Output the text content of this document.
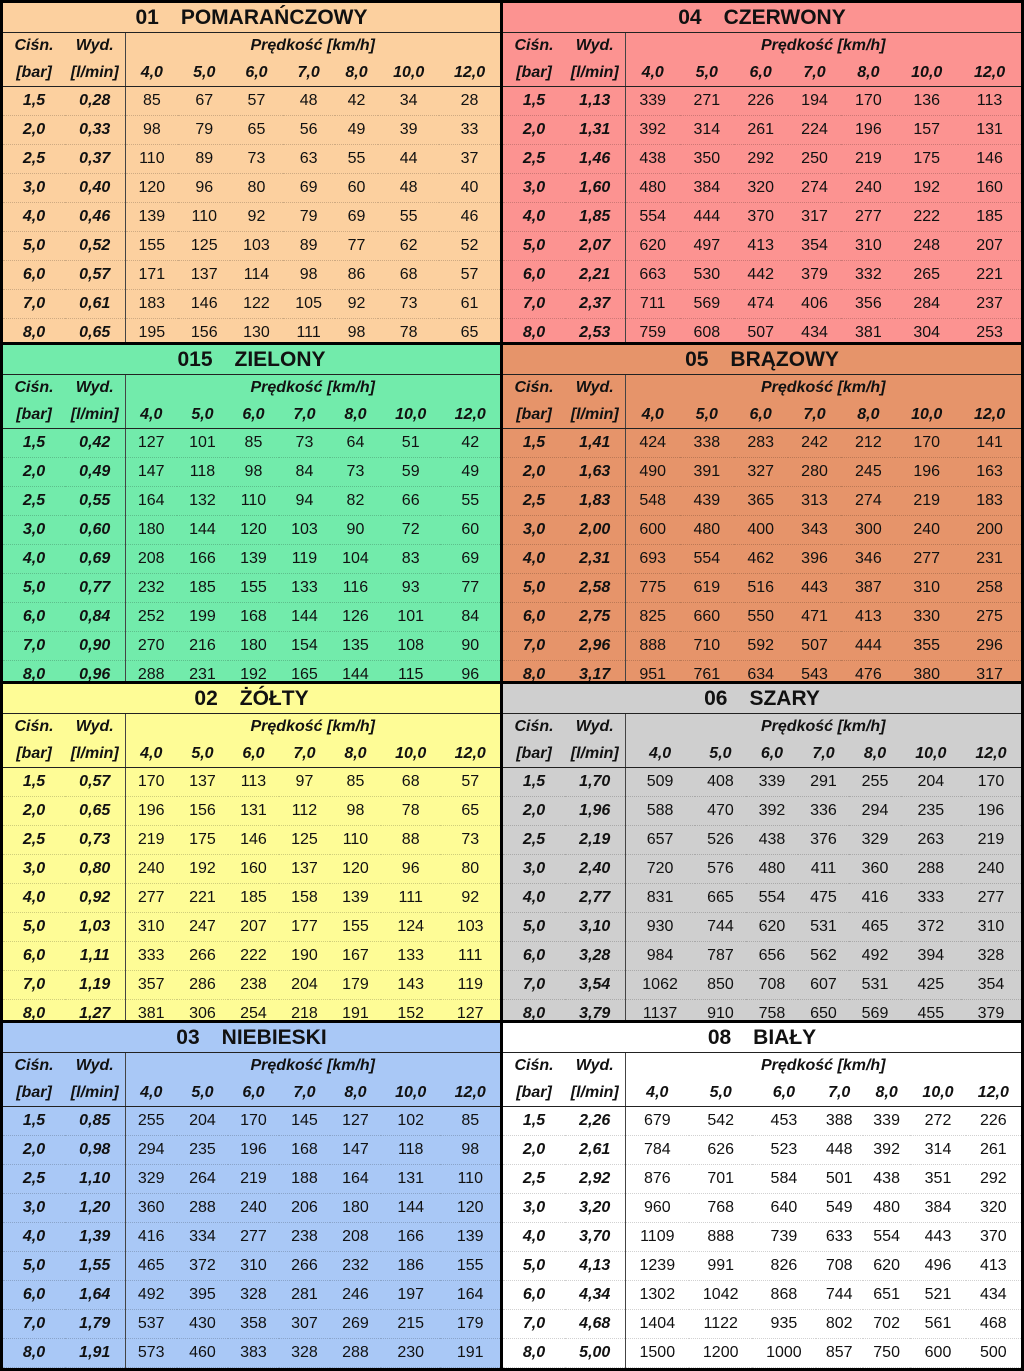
01 POMARAŃCZOWY								
Ciśn.	Wyd.	Prędkość [km/h]						
[bar]	[l/min]	4,0	5,0	6,0	7,0	8,0	10,0	12,0
1,5	0,28	85	67	57	48	42	34	28
2,0	0,33	98	79	65	56	49	39	33
2,5	0,37	110	89	73	63	55	44	37
3,0	0,40	120	96	80	69	60	48	40
4,0	0,46	139	110	92	79	69	55	46
5,0	0,52	155	125	103	89	77	62	52
6,0	0,57	171	137	114	98	86	68	57
7,0	0,61	183	146	122	105	92	73	61
8,0	0,65	195	156	130	111	98	78	65
04 CZERWONY								
Ciśn.	Wyd.	Prędkość [km/h]						
[bar]	[l/min]	4,0	5,0	6,0	7,0	8,0	10,0	12,0
1,5	1,13	339	271	226	194	170	136	113
2,0	1,31	392	314	261	224	196	157	131
2,5	1,46	438	350	292	250	219	175	146
3,0	1,60	480	384	320	274	240	192	160
4,0	1,85	554	444	370	317	277	222	185
5,0	2,07	620	497	413	354	310	248	207
6,0	2,21	663	530	442	379	332	265	221
7,0	2,37	711	569	474	406	356	284	237
8,0	2,53	759	608	507	434	381	304	253
015 ZIELONY								
Ciśn.	Wyd.	Prędkość [km/h]						
[bar]	[l/min]	4,0	5,0	6,0	7,0	8,0	10,0	12,0
1,5	0,42	127	101	85	73	64	51	42
2,0	0,49	147	118	98	84	73	59	49
2,5	0,55	164	132	110	94	82	66	55
3,0	0,60	180	144	120	103	90	72	60
4,0	0,69	208	166	139	119	104	83	69
5,0	0,77	232	185	155	133	116	93	77
6,0	0,84	252	199	168	144	126	101	84
7,0	0,90	270	216	180	154	135	108	90
8,0	0,96	288	231	192	165	144	115	96
05 BRĄZOWY								
Ciśn.	Wyd.	Prędkość [km/h]						
[bar]	[l/min]	4,0	5,0	6,0	7,0	8,0	10,0	12,0
1,5	1,41	424	338	283	242	212	170	141
2,0	1,63	490	391	327	280	245	196	163
2,5	1,83	548	439	365	313	274	219	183
3,0	2,00	600	480	400	343	300	240	200
4,0	2,31	693	554	462	396	346	277	231
5,0	2,58	775	619	516	443	387	310	258
6,0	2,75	825	660	550	471	413	330	275
7,0	2,96	888	710	592	507	444	355	296
8,0	3,17	951	761	634	543	476	380	317
02 ŻÓŁTY								
Ciśn.	Wyd.	Prędkość [km/h]						
[bar]	[l/min]	4,0	5,0	6,0	7,0	8,0	10,0	12,0
1,5	0,57	170	137	113	97	85	68	57
2,0	0,65	196	156	131	112	98	78	65
2,5	0,73	219	175	146	125	110	88	73
3,0	0,80	240	192	160	137	120	96	80
4,0	0,92	277	221	185	158	139	111	92
5,0	1,03	310	247	207	177	155	124	103
6,0	1,11	333	266	222	190	167	133	111
7,0	1,19	357	286	238	204	179	143	119
8,0	1,27	381	306	254	218	191	152	127
06 SZARY								
Ciśn.	Wyd.	Prędkość [km/h]						
[bar]	[l/min]	4,0	5,0	6,0	7,0	8,0	10,0	12,0
1,5	1,70	509	408	339	291	255	204	170
2,0	1,96	588	470	392	336	294	235	196
2,5	2,19	657	526	438	376	329	263	219
3,0	2,40	720	576	480	411	360	288	240
4,0	2,77	831	665	554	475	416	333	277
5,0	3,10	930	744	620	531	465	372	310
6,0	3,28	984	787	656	562	492	394	328
7,0	3,54	1062	850	708	607	531	425	354
8,0	3,79	1137	910	758	650	569	455	379
03 NIEBIESKI								
Ciśn.	Wyd.	Prędkość [km/h]						
[bar]	[l/min]	4,0	5,0	6,0	7,0	8,0	10,0	12,0
1,5	0,85	255	204	170	145	127	102	85
2,0	0,98	294	235	196	168	147	118	98
2,5	1,10	329	264	219	188	164	131	110
3,0	1,20	360	288	240	206	180	144	120
4,0	1,39	416	334	277	238	208	166	139
5,0	1,55	465	372	310	266	232	186	155
6,0	1,64	492	395	328	281	246	197	164
7,0	1,79	537	430	358	307	269	215	179
8,0	1,91	573	460	383	328	288	230	191
08 BIAŁY								
Ciśn.	Wyd.	Prędkość [km/h]						
[bar]	[l/min]	4,0	5,0	6,0	7,0	8,0	10,0	12,0
1,5	2,26	679	542	453	388	339	272	226
2,0	2,61	784	626	523	448	392	314	261
2,5	2,92	876	701	584	501	438	351	292
3,0	3,20	960	768	640	549	480	384	320
4,0	3,70	1109	888	739	633	554	443	370
5,0	4,13	1239	991	826	708	620	496	413
6,0	4,34	1302	1042	868	744	651	521	434
7,0	4,68	1404	1122	935	802	702	561	468
8,0	5,00	1500	1200	1000	857	750	600	500
